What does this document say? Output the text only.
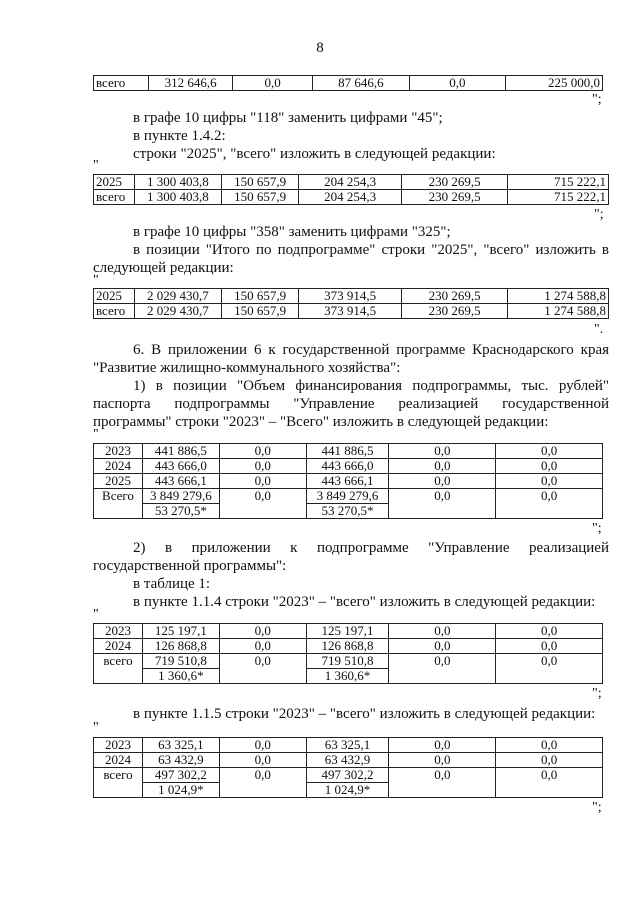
8
всего	312 646,6	0,0	87 646,6	0,0	225 000,0
";
в графе 10 цифры "118" заменить цифрами "45";
в пункте 1.4.2:
строки "2025", "всего" изложить в следующей редакции:
"
2025	1 300 403,8	150 657,9	204 254,3	230 269,5	715 222,1
всего	1 300 403,8	150 657,9	204 254,3	230 269,5	715 222,1
";
в графе 10 цифры "358" заменить цифрами "325";
в позиции "Итого по подпрограмме" строки "2025", "всего" изложить в
следующей редакции:
"
2025	2 029 430,7	150 657,9	373 914,5	230 269,5	1 274 588,8
всего	2 029 430,7	150 657,9	373 914,5	230 269,5	1 274 588,8
".
6. В приложении 6 к государственной программе Краснодарского края
"Развитие жилищно-коммунального хозяйства":
1) в позиции "Объем финансирования подпрограммы, тыс. рублей"
паспорта подпрограммы "Управление реализацией государственной
программы" строки "2023" – "Всего" изложить в следующей редакции:
"
2023	441 886,5	0,0	441 886,5	0,0	0,0
2024	443 666,0	0,0	443 666,0	0,0	0,0
2025	443 666,1	0,0	443 666,1	0,0	0,0
Всего	3 849 279,6	0,0	3 849 279,6	0,0	0,0
	53 270,5*		53 270,5*		
";
2) в приложении к подпрограмме "Управление реализацией
государственной программы":
в таблице 1:
в пункте 1.1.4 строки "2023" – "всего" изложить в следующей редакции:
"
2023	125 197,1	0,0	125 197,1	0,0	0,0
2024	126 868,8	0,0	126 868,8	0,0	0,0
всего	719 510,8	0,0	719 510,8	0,0	0,0
	1 360,6*		1 360,6*		
";
в пункте 1.1.5 строки "2023" – "всего" изложить в следующей редакции:
"
2023	63 325,1	0,0	63 325,1	0,0	0,0
2024	63 432,9	0,0	63 432,9	0,0	0,0
всего	497 302,2	0,0	497 302,2	0,0	0,0
	1 024,9*		1 024,9*		
";
